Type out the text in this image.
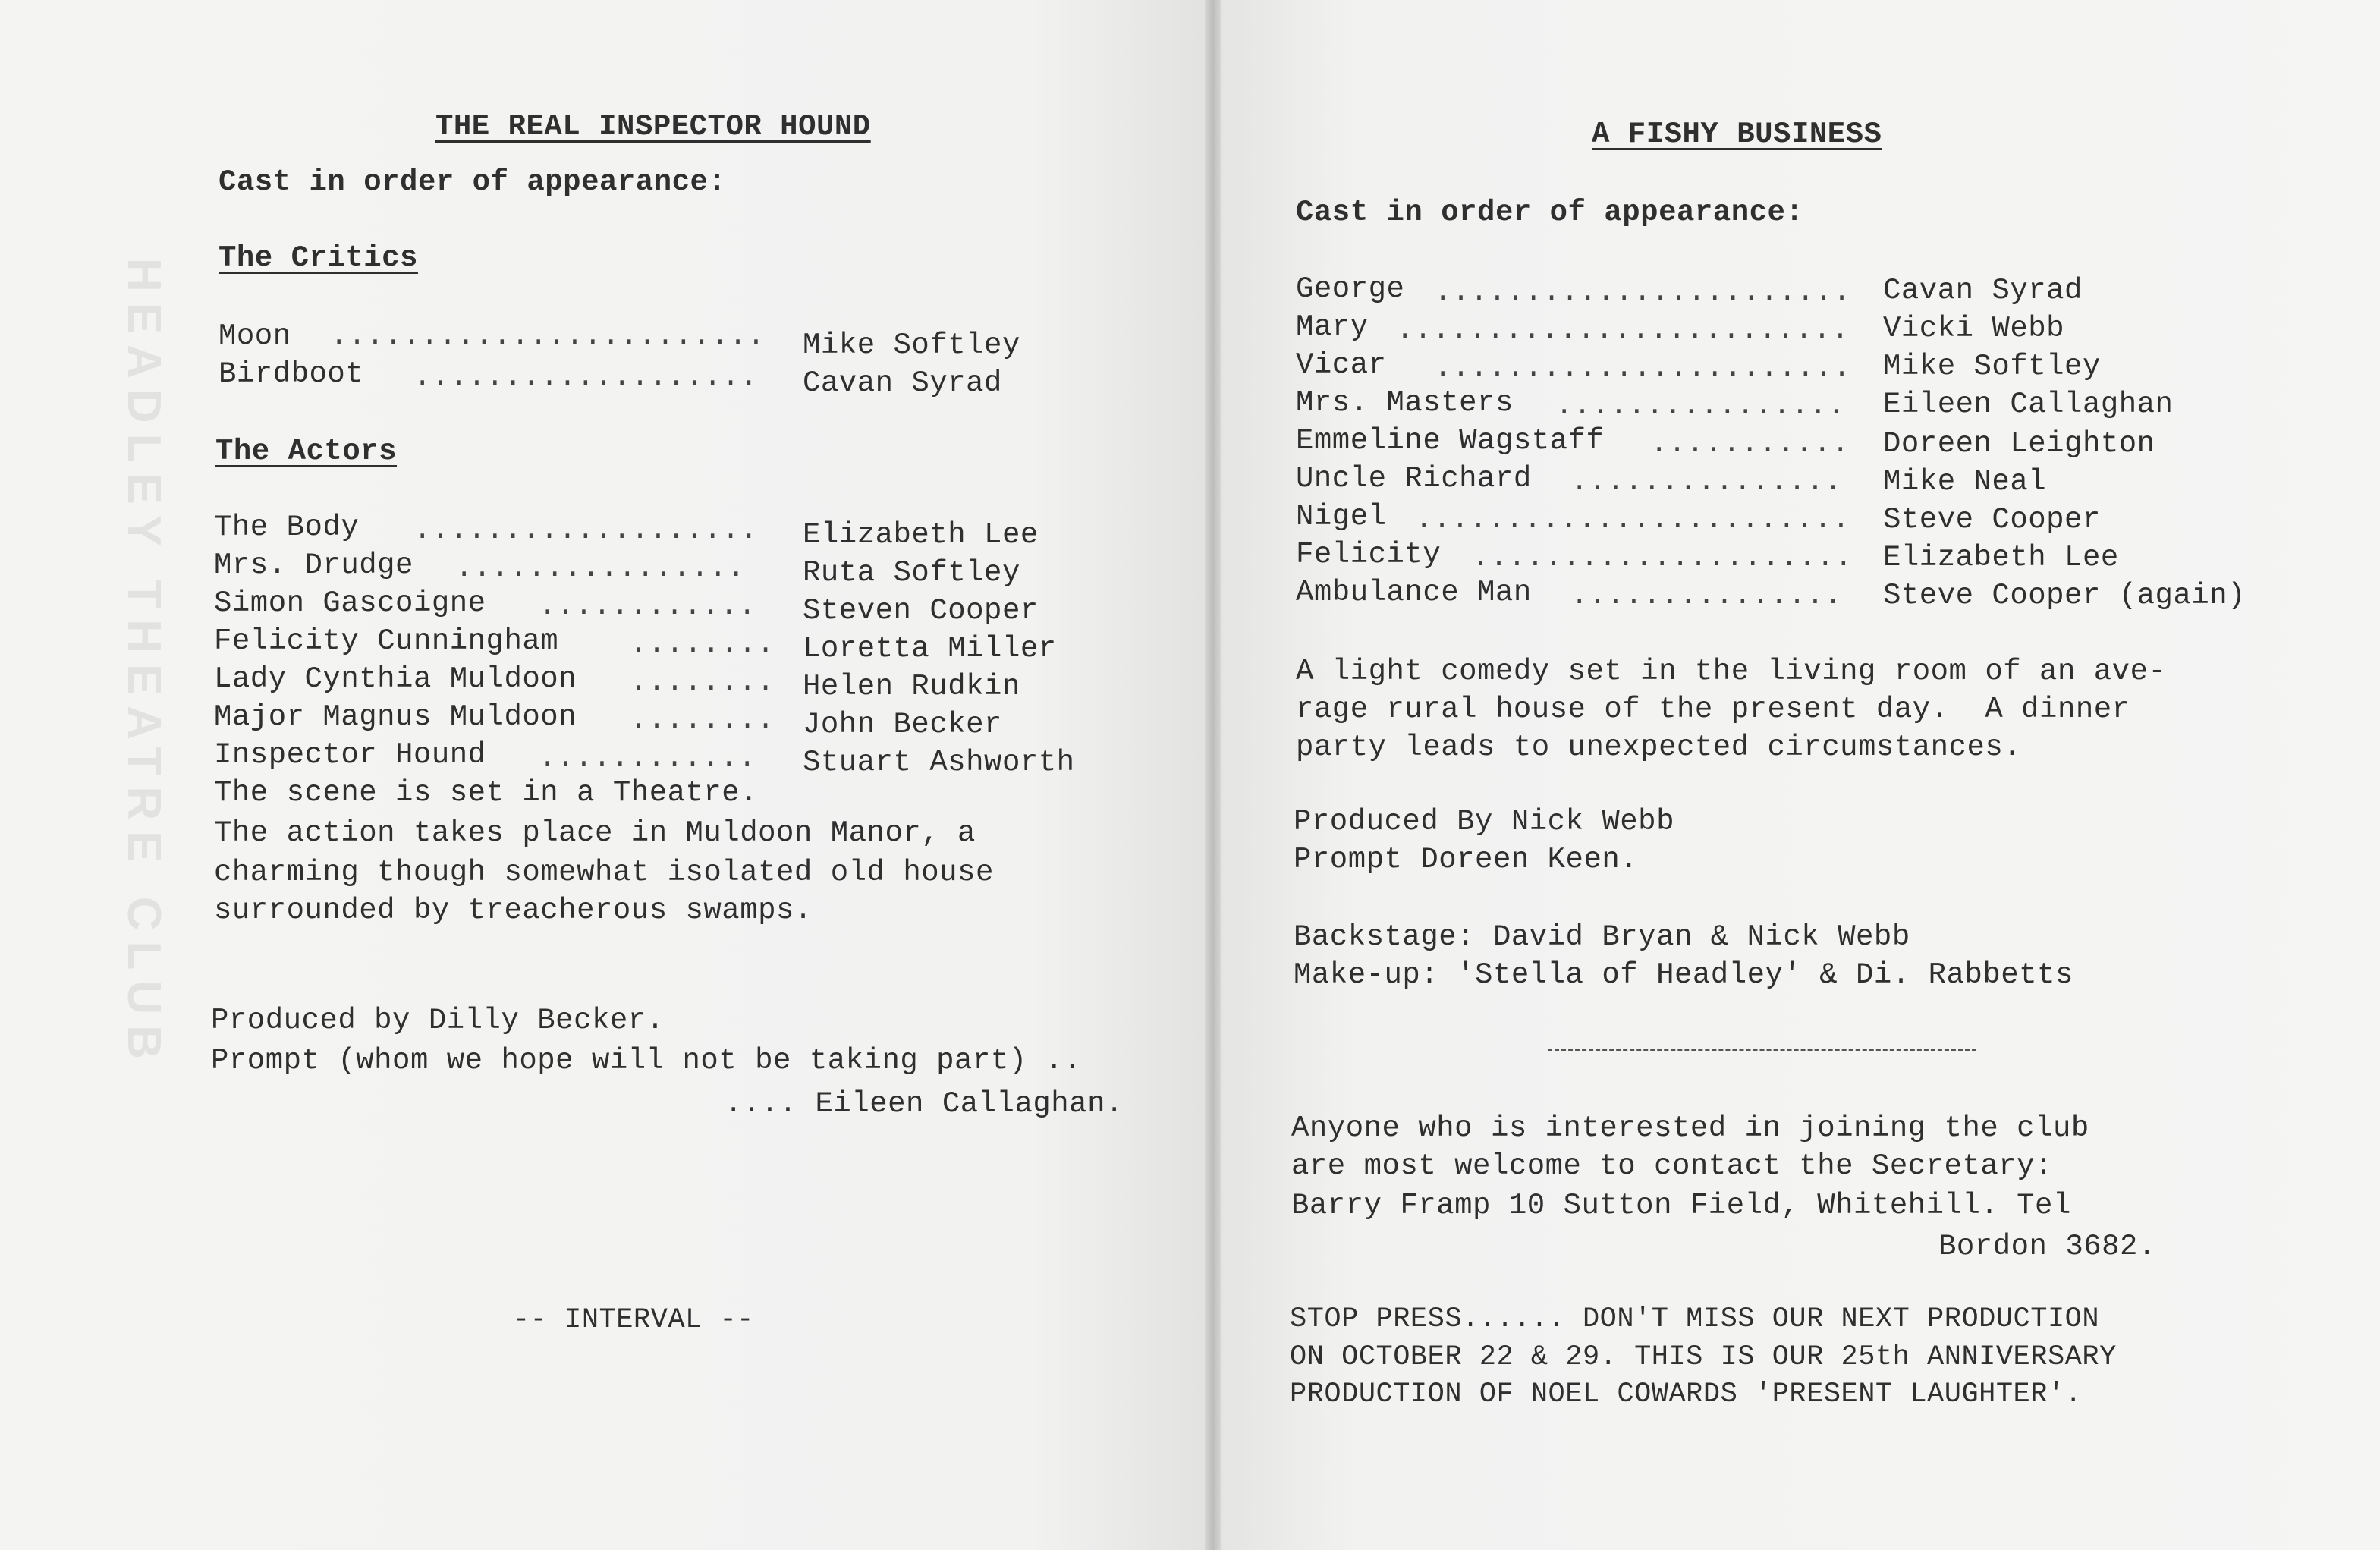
HEADLEY THEATRE CLUB
THE REAL INSPECTOR HOUND
Cast in order of appearance:
The Critics
Moon ........................ Mike Softley
Birdboot ................... Cavan Syrad
The Actors
The Body ................... Elizabeth Lee
Mrs. Drudge ................ Ruta Softley
Simon Gascoigne ............ Steven Cooper
Felicity Cunningham ........ Loretta Miller
Lady Cynthia Muldoon ........ Helen Rudkin
Major Magnus Muldoon ........ John Becker
Inspector Hound ............ Stuart Ashworth
The scene is set in a Theatre.
The action takes place in Muldoon Manor, a
charming though somewhat isolated old house
surrounded by treacherous swamps.
Produced by Dilly Becker.
Prompt (whom we hope will not be taking part) ..
.... Eileen Callaghan.
-- INTERVAL --
A FISHY BUSINESS
Cast in order of appearance:
George ....................... Cavan Syrad
Mary ......................... Vicki Webb
Vicar ....................... Mike Softley
Mrs. Masters ................ Eileen Callaghan
Emmeline Wagstaff ........... Doreen Leighton
Uncle Richard ............... Mike Neal
Nigel ........................ Steve Cooper
Felicity ..................... Elizabeth Lee
Ambulance Man ............... Steve Cooper (again)
A light comedy set in the living room of an ave-
rage rural house of the present day.  A dinner
party leads to unexpected circumstances.
Produced By Nick Webb
Prompt Doreen Keen.
Backstage: David Bryan & Nick Webb
Make-up: 'Stella of Headley' & Di. Rabbetts
Anyone who is interested in joining the club
are most welcome to contact the Secretary:
Barry Framp 10 Sutton Field, Whitehill. Tel
Bordon 3682.
STOP PRESS...... DON'T MISS OUR NEXT PRODUCTION
ON OCTOBER 22 & 29. THIS IS OUR 25th ANNIVERSARY
PRODUCTION OF NOEL COWARDS 'PRESENT LAUGHTER'.
